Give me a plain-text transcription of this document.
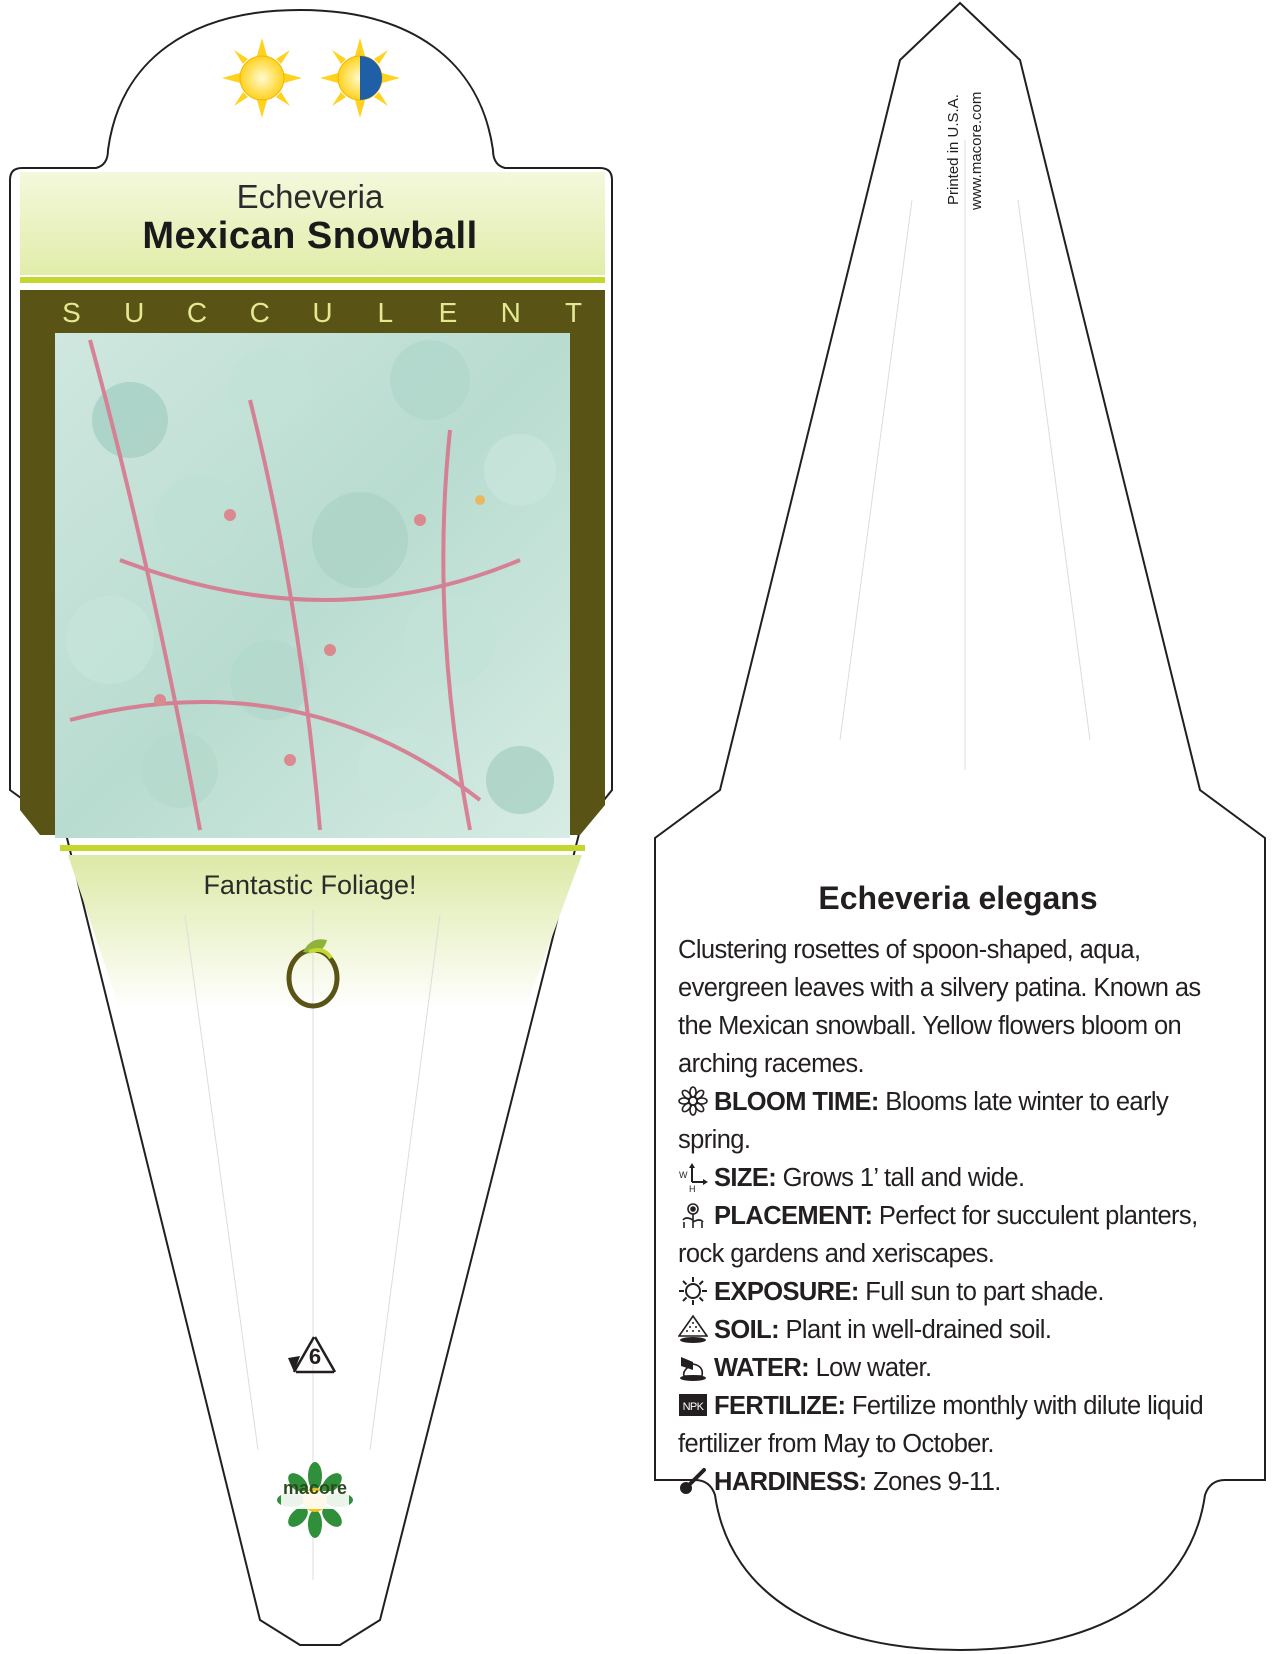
Echeveria
Mexican Snowball
S U C C U L E N T
Fantastic Foliage!
6
macore
Printed in U.S.A. www.macore.com
Echeveria elegans
Clustering rosettes of spoon-shaped, aqua, evergreen leaves with a silvery patina. Known as the Mexican snowball. Yellow flowers bloom on arching racemes.
BLOOM TIME: Blooms late winter to early spring.
W
H SIZE: Grows 1’ tall and wide.
PLACEMENT: Perfect for succulent planters, rock gardens and xeriscapes.
EXPOSURE: Full sun to part shade.
SOIL: Plant in well-drained soil.
WATER: Low water.
NPK FERTILIZE: Fertilize monthly with dilute liquid fertilizer from May to October.
HARDINESS: Zones 9-11.
